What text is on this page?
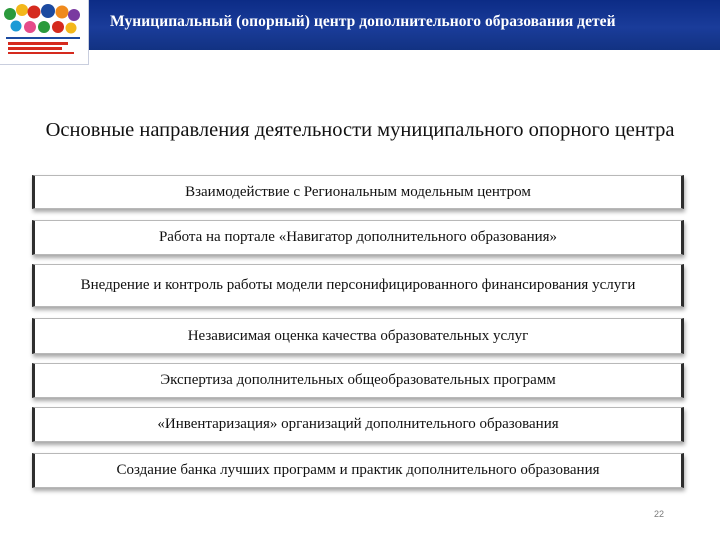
Муниципальный (опорный) центр дополнительного образования детей
Основные направления деятельности муниципального опорного центра
Взаимодействие с Региональным модельным центром
Работа на портале «Навигатор дополнительного образования»
Внедрение и контроль работы модели персонифицированного финансирования услуги
Независимая оценка качества образовательных услуг
Экспертиза дополнительных общеобразовательных программ
«Инвентаризация» организаций дополнительного образования
Создание банка лучших программ и практик дополнительного образования
22
